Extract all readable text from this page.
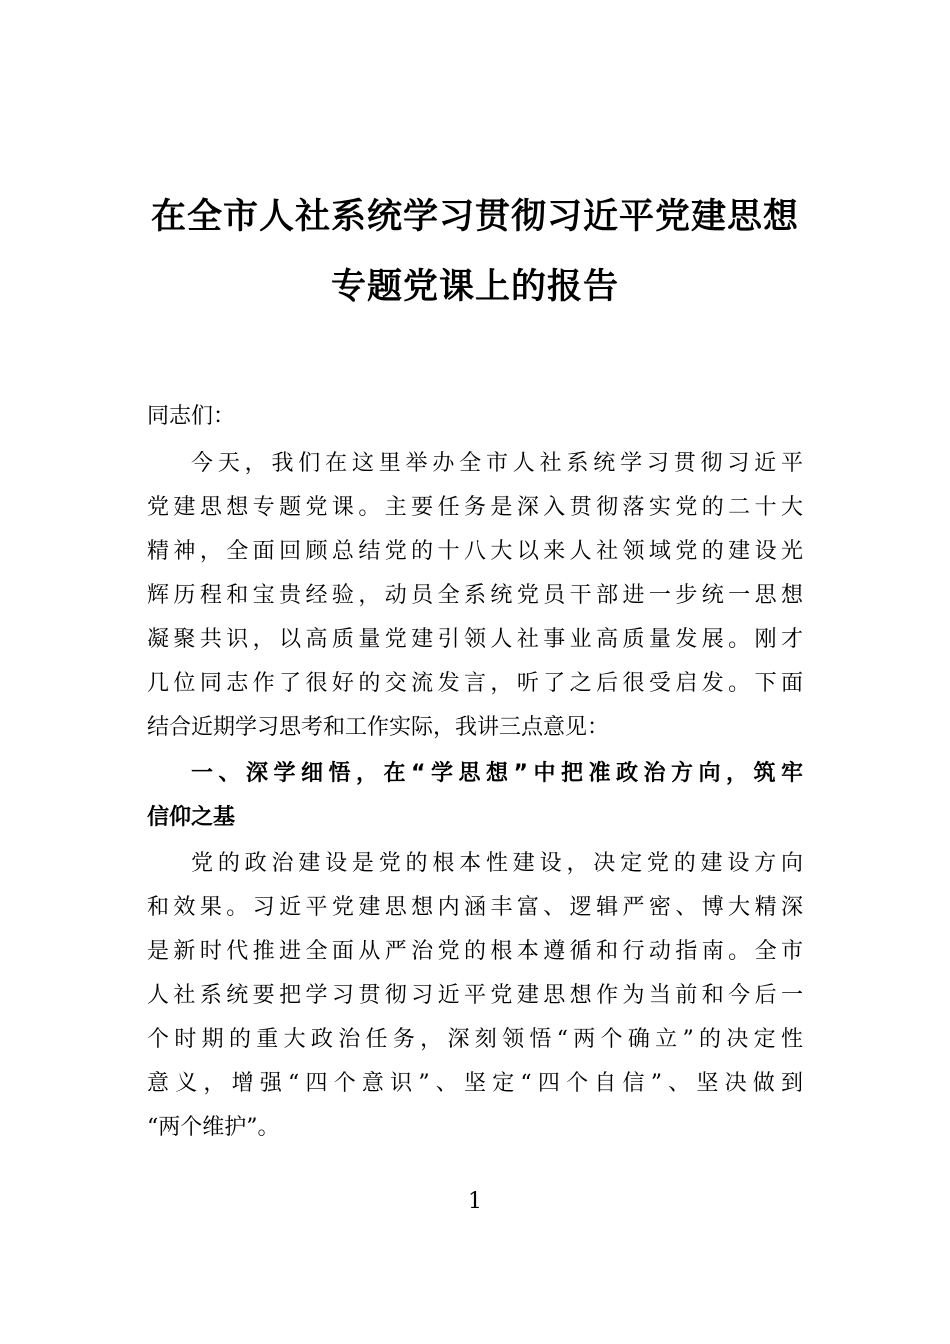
在全市人社系统学习贯彻习近平党建思想
专题党课上的报告
同志们：
今天，我们在这里举办全市人社系统学习贯彻习近平
党建思想专题党课。主要任务是深入贯彻落实党的二十大
精神，全面回顾总结党的十八大以来人社领域党的建设光
辉历程和宝贵经验，动员全系统党员干部进一步统一思想
凝聚共识，以高质量党建引领人社事业高质量发展。刚才
几位同志作了很好的交流发言，听了之后很受启发。下面
结合近期学习思考和工作实际，我讲三点意见：
一、深学细悟，在“学思想”中把准政治方向，筑牢
信仰之基
党的政治建设是党的根本性建设，决定党的建设方向
和效果。习近平党建思想内涵丰富、逻辑严密、博大精深
是新时代推进全面从严治党的根本遵循和行动指南。全市
人社系统要把学习贯彻习近平党建思想作为当前和今后一
个时期的重大政治任务，深刻领悟“两个确立”的决定性
意义，增强“四个意识”、坚定“四个自信”、坚决做到
“两个维护”。
1
